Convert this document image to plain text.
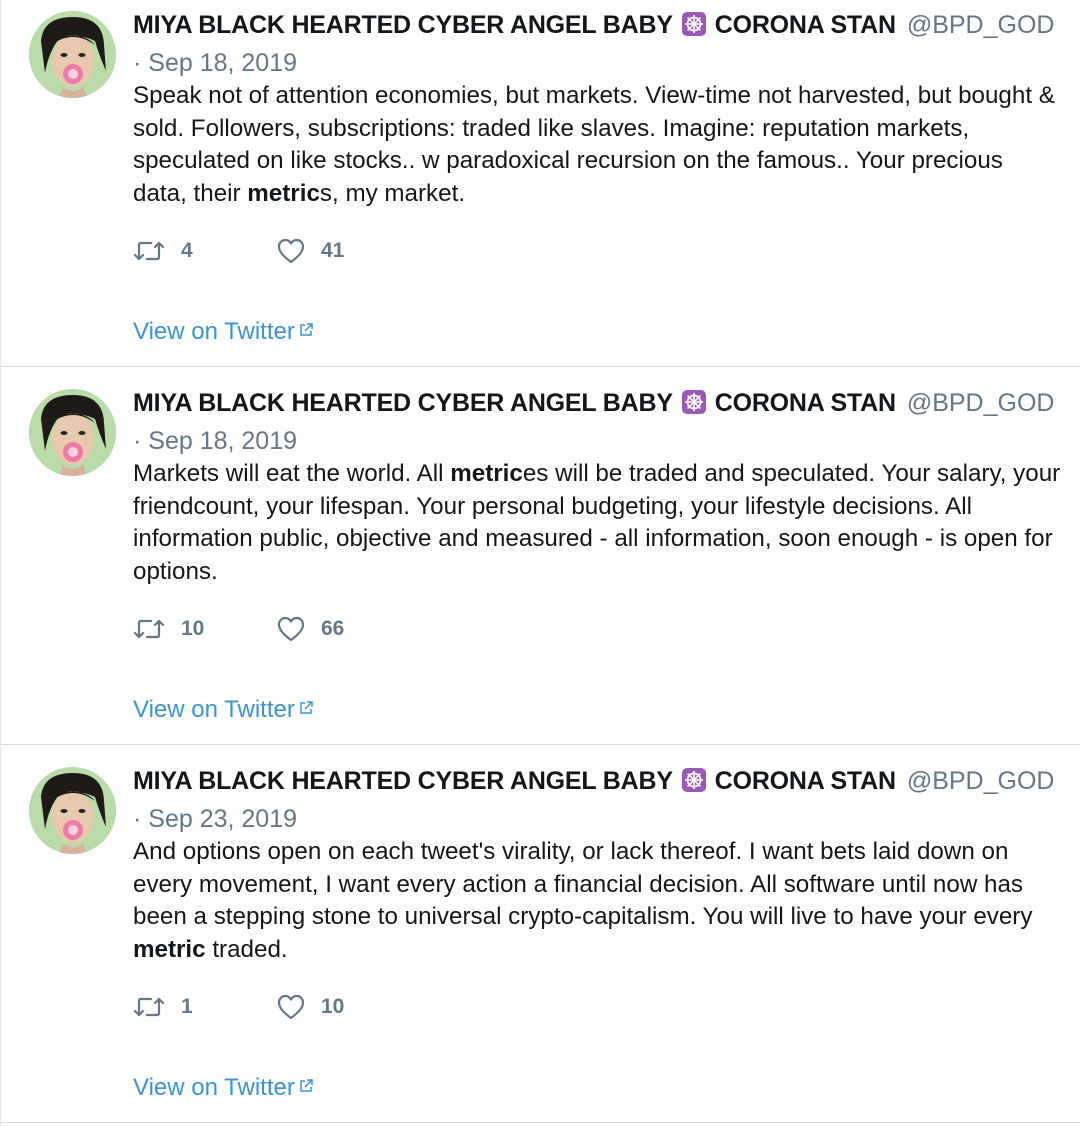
MIYA BLACK HEARTED CYBER ANGEL BABY CORONA STAN @BPD_GOD
· Sep 18, 2019
Speak not of attention economies, but markets. View-time not harvested, but bought & sold. Followers, subscriptions: traded like slaves. Imagine: reputation markets, speculated on like stocks.. w paradoxical recursion on the famous.. Your precious data, their metrics, my market.
4	41
View on Twitter
MIYA BLACK HEARTED CYBER ANGEL BABY CORONA STAN @BPD_GOD
· Sep 18, 2019
Markets will eat the world. All metrices will be traded and speculated. Your salary, your friendcount, your lifespan. Your personal budgeting, your lifestyle decisions. All information public, objective and measured - all information, soon enough - is open for options.
10	66
View on Twitter
MIYA BLACK HEARTED CYBER ANGEL BABY CORONA STAN @BPD_GOD
· Sep 23, 2019
And options open on each tweet's virality, or lack thereof. I want bets laid down on every movement, I want every action a financial decision. All software until now has been a stepping stone to universal crypto-capitalism. You will live to have your every metric traded.
1	10
View on Twitter
